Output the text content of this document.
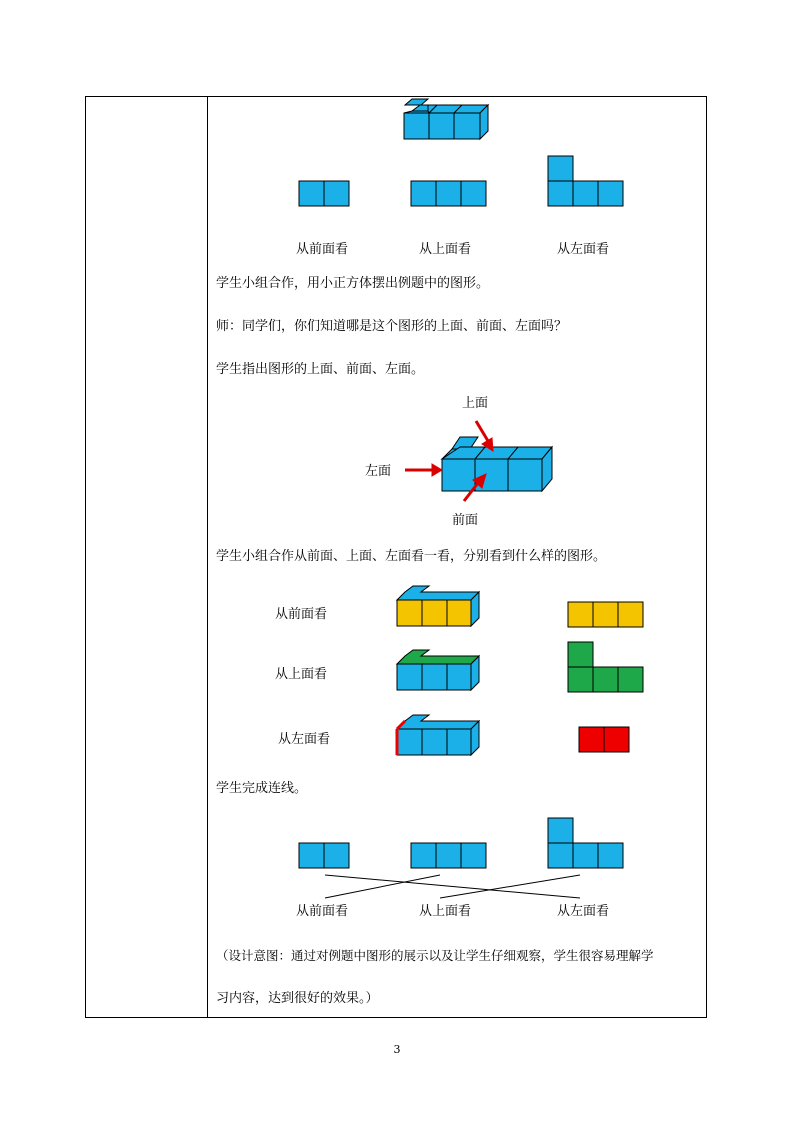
从前面看	从上面看	从左面看
学生小组合作，用小正方体摆出例题中的图形。
师：同学们，你们知道哪是这个图形的上面、前面、左面吗？
学生指出图形的上面、前面、左面。
上面
左面
前面
学生小组合作从前面、上面、左面看一看，分别看到什么样的图形。
从前面看
从上面看
从左面看
学生完成连线。
从前面看	从上面看	从左面看
（设计意图：通过对例题中图形的展示以及让学生仔细观察，学生很容易理解学
习内容，达到很好的效果。）
3
